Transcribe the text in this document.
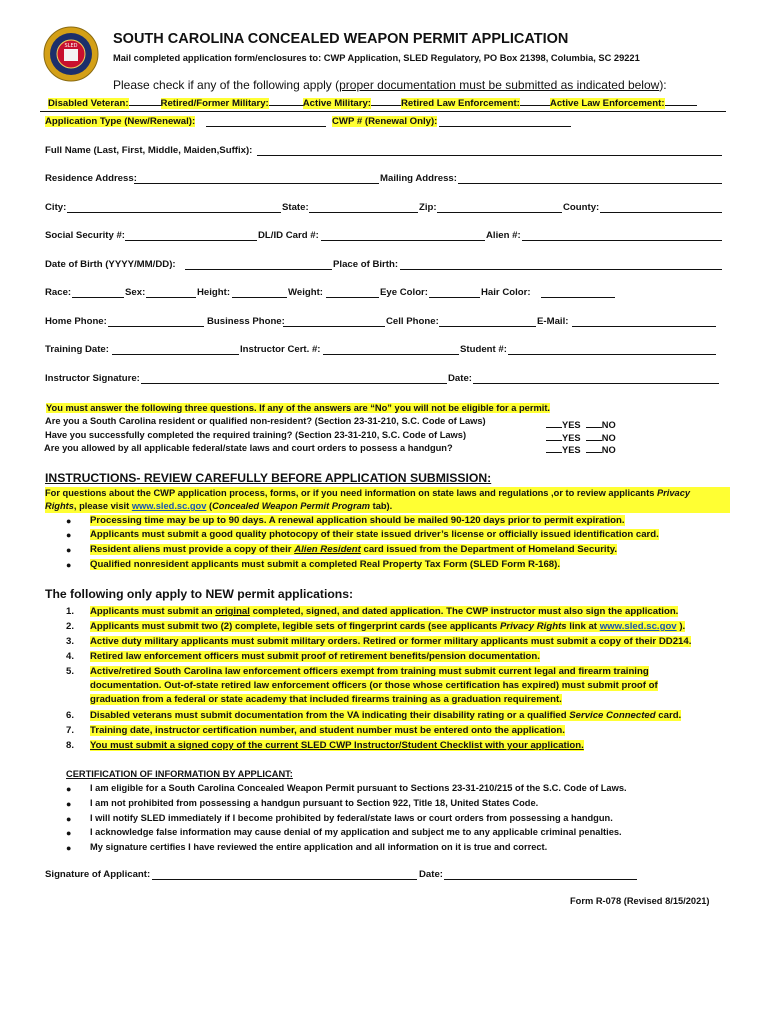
SLED SOUTH CAROLINA CONCEALED WEAPON PERMIT APPLICATION
Mail completed application form/enclosures to: CWP Application, SLED Regulatory, PO Box 21398, Columbia, SC 29221
Please check if any of the following apply (proper documentation must be submitted as indicated below):
Disabled Veteran:	Retired/Former Military:	Active Military:	Retired Law Enforcement:	Active Law Enforcement:
Application Type (New/Renewal):	CWP # (Renewal Only):
Full Name (Last, First, Middle, Maiden,Suffix):
Residence Address:	Mailing Address:
City:	State:	Zip:	County:
Social Security #:	DL/ID Card #:	Alien #:
Date of Birth (YYYY/MM/DD):	Place of Birth:
Race:	Sex:	Height:	Weight:	Eye Color:	Hair Color:
Home Phone:	Business Phone:	Cell Phone:	E-Mail:
Training Date:	Instructor Cert. #:	Student #:
Instructor Signature:	Date:
You must answer the following three questions. If any of the answers are “No” you will not be eligible for a permit.
Are you a South Carolina resident or qualified non-resident? (Section 23-31-210, S.C. Code of Laws)
Have you successfully completed the required training? (Section 23-31-210, S.C. Code of Laws)
Are you allowed by all applicable federal/state laws and court orders to possess a handgun?
YES NO
YES NO
YES NO
INSTRUCTIONS- REVIEW CAREFULLY BEFORE APPLICATION SUBMISSION:
For questions about the CWP application process, forms, or if you need information on state laws and regulations ,or to review applicants Privacy
Rights, please visit www.sled.sc.gov (Concealed Weapon Permit Program tab).
● Processing time may be up to 90 days. A renewal application should be mailed 90-120 days prior to permit expiration.
● Applicants must submit a good quality photocopy of their state issued driver’s license or officially issued identification card.
● Resident aliens must provide a copy of their Alien Resident card issued from the Department of Homeland Security.
● Qualified nonresident applicants must submit a completed Real Property Tax Form (SLED Form R-168).
The following only apply to NEW permit applications:
1. Applicants must submit an original completed, signed, and dated application. The CWP instructor must also sign the application.
2. Applicants must submit two (2) complete, legible sets of fingerprint cards (see applicants Privacy Rights link at www.sled.sc.gov ).
3. Active duty military applicants must submit military orders. Retired or former military applicants must submit a copy of their DD214.
4. Retired law enforcement officers must submit proof of retirement benefits/pension documentation.
5. Active/retired South Carolina law enforcement officers exempt from training must submit current legal and firearm training
documentation. Out-of-state retired law enforcement officers (or those whose certification has expired) must submit proof of
graduation from a federal or state academy that included firearms training as a graduation requirement.
6. Disabled veterans must submit documentation from the VA indicating their disability rating or a qualified Service Connected card.
7. Training date, instructor certification number, and student number must be entered onto the application.
8. You must submit a signed copy of the current SLED CWP Instructor/Student Checklist with your application.
CERTIFICATION OF INFORMATION BY APPLICANT:
● I am eligible for a South Carolina Concealed Weapon Permit pursuant to Sections 23-31-210/215 of the S.C. Code of Laws.
● I am not prohibited from possessing a handgun pursuant to Section 922, Title 18, United States Code.
● I will notify SLED immediately if I become prohibited by federal/state laws or court orders from possessing a handgun.
● I acknowledge false information may cause denial of my application and subject me to any applicable criminal penalties.
● My signature certifies I have reviewed the entire application and all information on it is true and correct.
Signature of Applicant:	Date:
Form R-078 (Revised 8/15/2021)
